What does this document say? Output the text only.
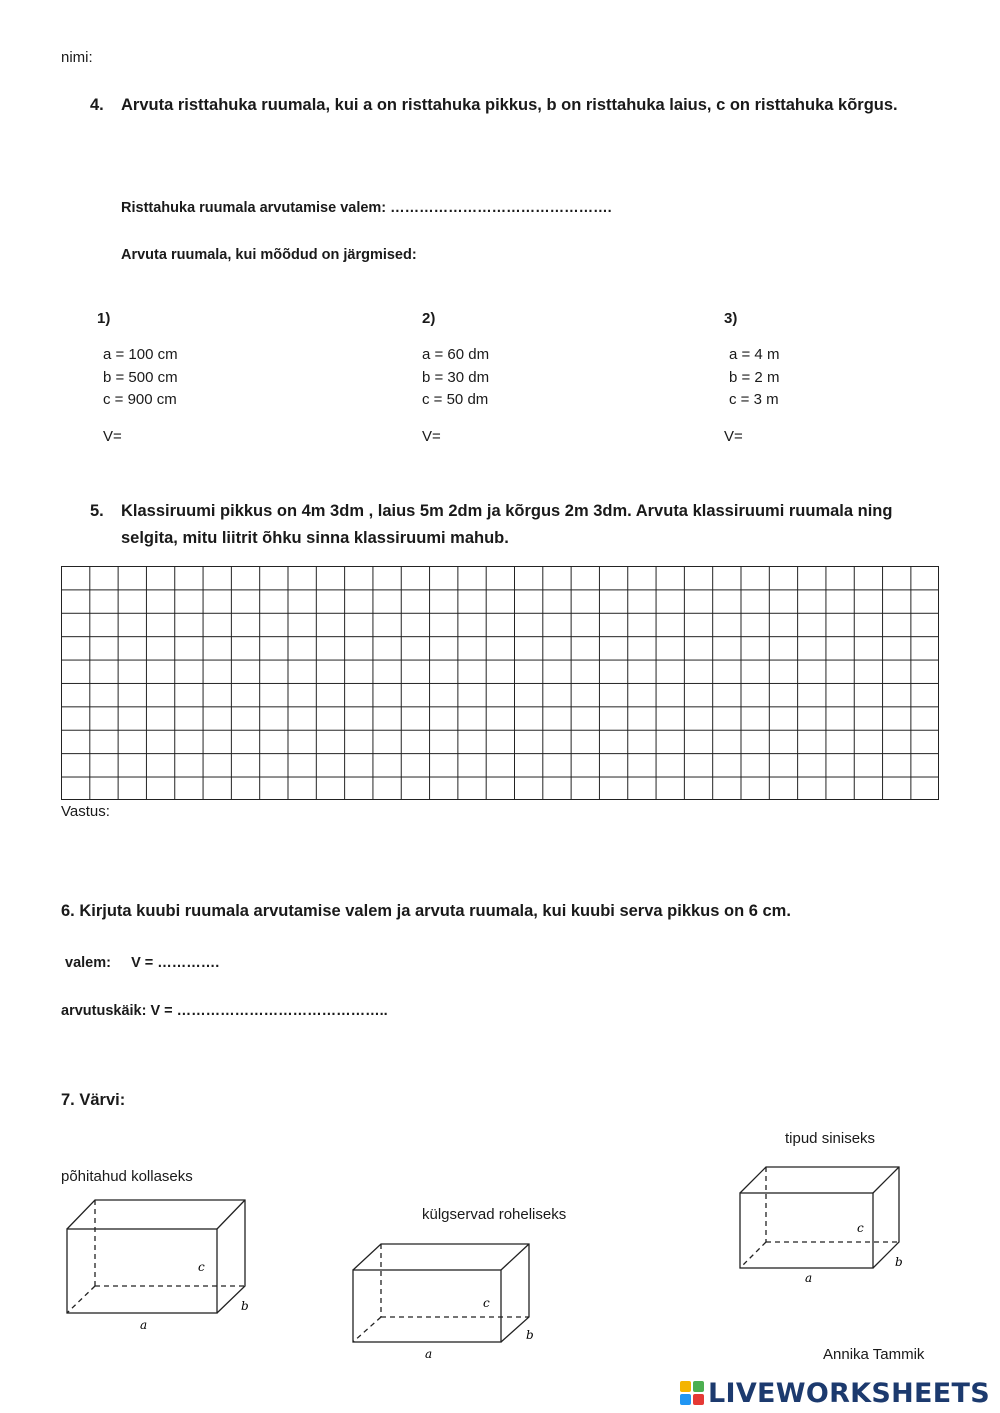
nimi:
4. Arvuta risttahuka ruumala, kui a on risttahuka pikkus, b on risttahuka laius, c on risttahuka kõrgus.
Risttahuka ruumala arvutamise valem: ……………………………………….
Arvuta ruumala, kui mõõdud on järgmised:
1)
a = 100 cm
b = 500 cm
c = 900 cm
V=
2)
a = 60 dm
b = 30 dm
c = 50 dm
V=
3)
a = 4 m
b = 2 m
c = 3 m
V=
5. Klassiruumi pikkus on 4m 3dm , laius 5m 2dm ja kõrgus 2m 3dm. Arvuta klassiruumi ruumala ning selgita, mitu liitrit õhku sinna klassiruumi mahub.
Vastus:
6. Kirjuta kuubi ruumala arvutamise valem ja arvuta ruumala, kui kuubi serva pikkus on 6 cm.
valem:     V = ………….
arvutuskäik: V = ……………………………………..
7. Värvi:
põhitahud kollaseks
külgservad roheliseks
tipud siniseks
c
b
a
c
b
a
c
b
a
Annika Tammik
LIVEWORKSHEETS
